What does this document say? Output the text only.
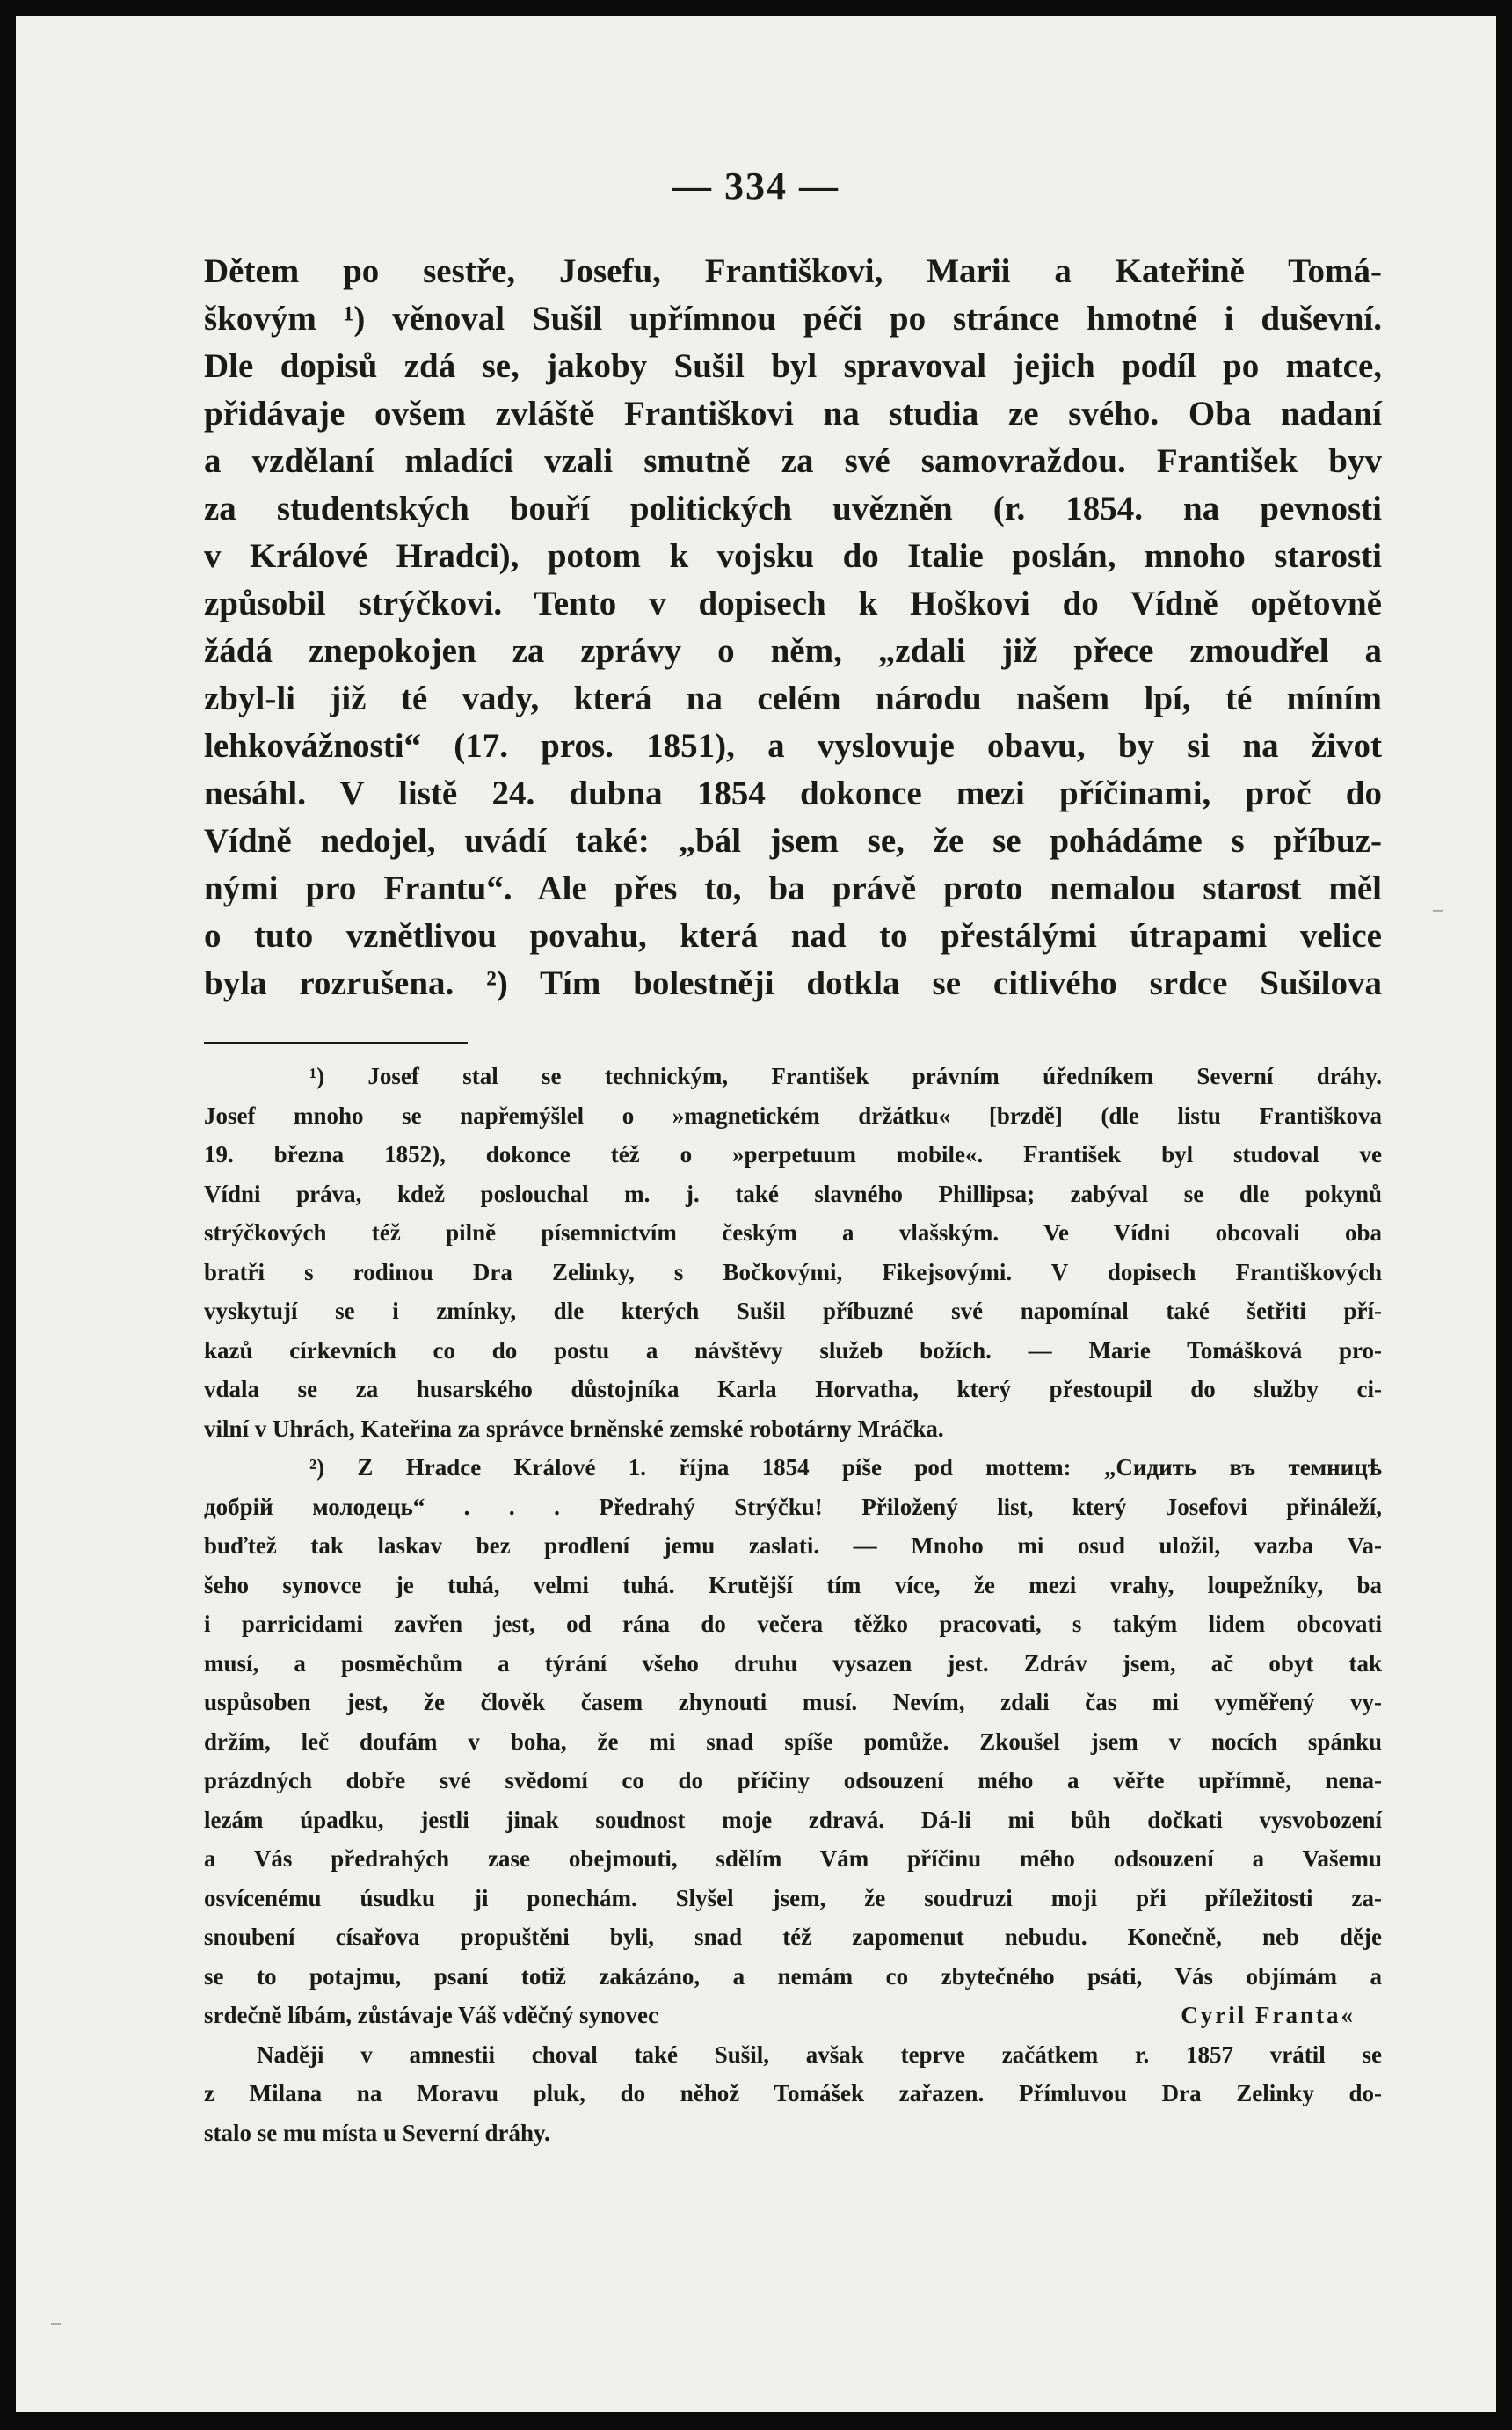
— 334 —
Dětem po sestře, Josefu, Františkovi, Marii a Kateřině Tomá-
škovým ¹) věnoval Sušil upřímnou péči po stránce hmotné i duševní.
Dle dopisů zdá se, jakoby Sušil byl spravoval jejich podíl po matce,
přidávaje ovšem zvláště Františkovi na studia ze svého. Oba nadaní
a vzdělaní mladíci vzali smutně za své samovraždou. František byv
za studentských bouří politických uvězněn (r. 1854. na pevnosti
v Králové Hradci), potom k vojsku do Italie poslán, mnoho starosti
způsobil strýčkovi. Tento v dopisech k Hoškovi do Vídně opětovně
žádá znepokojen za zprávy o něm, „zdali již přece zmoudřel a
zbyl-li již té vady, která na celém národu našem lpí, té míním
lehkovážnosti“ (17. pros. 1851), a vyslovuje obavu, by si na život
nesáhl. V listě 24. dubna 1854 dokonce mezi příčinami, proč do
Vídně nedojel, uvádí také: „bál jsem se, že se pohádáme s příbuz-
nými pro Frantu“. Ale přes to, ba právě proto nemalou starost měl
o tuto vznětlivou povahu, která nad to přestálými útrapami velice
byla rozrušena. ²) Tím bolestněji dotkla se citlivého srdce Sušilova
¹) Josef stal se technickým, František právním úředníkem Severní dráhy.
Josef mnoho se napřemýšlel o »magnetickém držátku« [brzdě] (dle listu Františkova
19. března 1852), dokonce též o »perpetuum mobile«. František byl studoval ve
Vídni práva, kdež poslouchal m. j. také slavného Phillipsa; zabýval se dle pokynů
strýčkových též pilně písemnictvím českým a vlašským. Ve Vídni obcovali oba
bratři s rodinou Dra Zelinky, s Bočkovými, Fikejsovými. V dopisech Františkových
vyskytují se i zmínky, dle kterých Sušil příbuzné své napomínal také šetřiti pří-
kazů církevních co do postu a návštěvy služeb božích. — Marie Tomášková pro-
vdala se za husarského důstojníka Karla Horvatha, který přestoupil do služby ci-
vilní v Uhrách, Kateřina za správce brněnské zemské robotárny Mráčka.
²) Z Hradce Králové 1. října 1854 píše pod mottem: „Сидить въ темницѣ
добрій молодець“ . . . Předrahý Strýčku! Přiložený list, který Josefovi přináleží,
buďtež tak laskav bez prodlení jemu zaslati. — Mnoho mi osud uložil, vazba Va-
šeho synovce je tuhá, velmi tuhá. Krutější tím více, že mezi vrahy, loupežníky, ba
i parricidami zavřen jest, od rána do večera těžko pracovati, s takým lidem obcovati
musí, a posměchům a týrání všeho druhu vysazen jest. Zdráv jsem, ač obyt tak
uspůsoben jest, že člověk časem zhynouti musí. Nevím, zdali čas mi vyměřený vy-
držím, leč doufám v boha, že mi snad spíše pomůže. Zkoušel jsem v nocích spánku
prázdných dobře své svědomí co do příčiny odsouzení mého a věřte upřímně, nena-
lezám úpadku, jestli jinak soudnost moje zdravá. Dá-li mi bůh dočkati vysvobození
a Vás předrahých zase obejmouti, sdělím Vám příčinu mého odsouzení a Vašemu
osvícenému úsudku ji ponechám. Slyšel jsem, že soudruzi moji při příležitosti za-
snoubení císařova propuštěni byli, snad též zapomenut nebudu. Konečně, neb děje
se to potajmu, psaní totiž zakázáno, a nemám co zbytečného psáti, Vás objímám a
srdečně líbám, zůstávaje Váš vděčný synovec	Cyril Franta«
Naději v amnestii choval také Sušil, avšak teprve začátkem r. 1857 vrátil se
z Milana na Moravu pluk, do něhož Tomášek zařazen. Přímluvou Dra Zelinky do-
stalo se mu místa u Severní dráhy.
–
–
